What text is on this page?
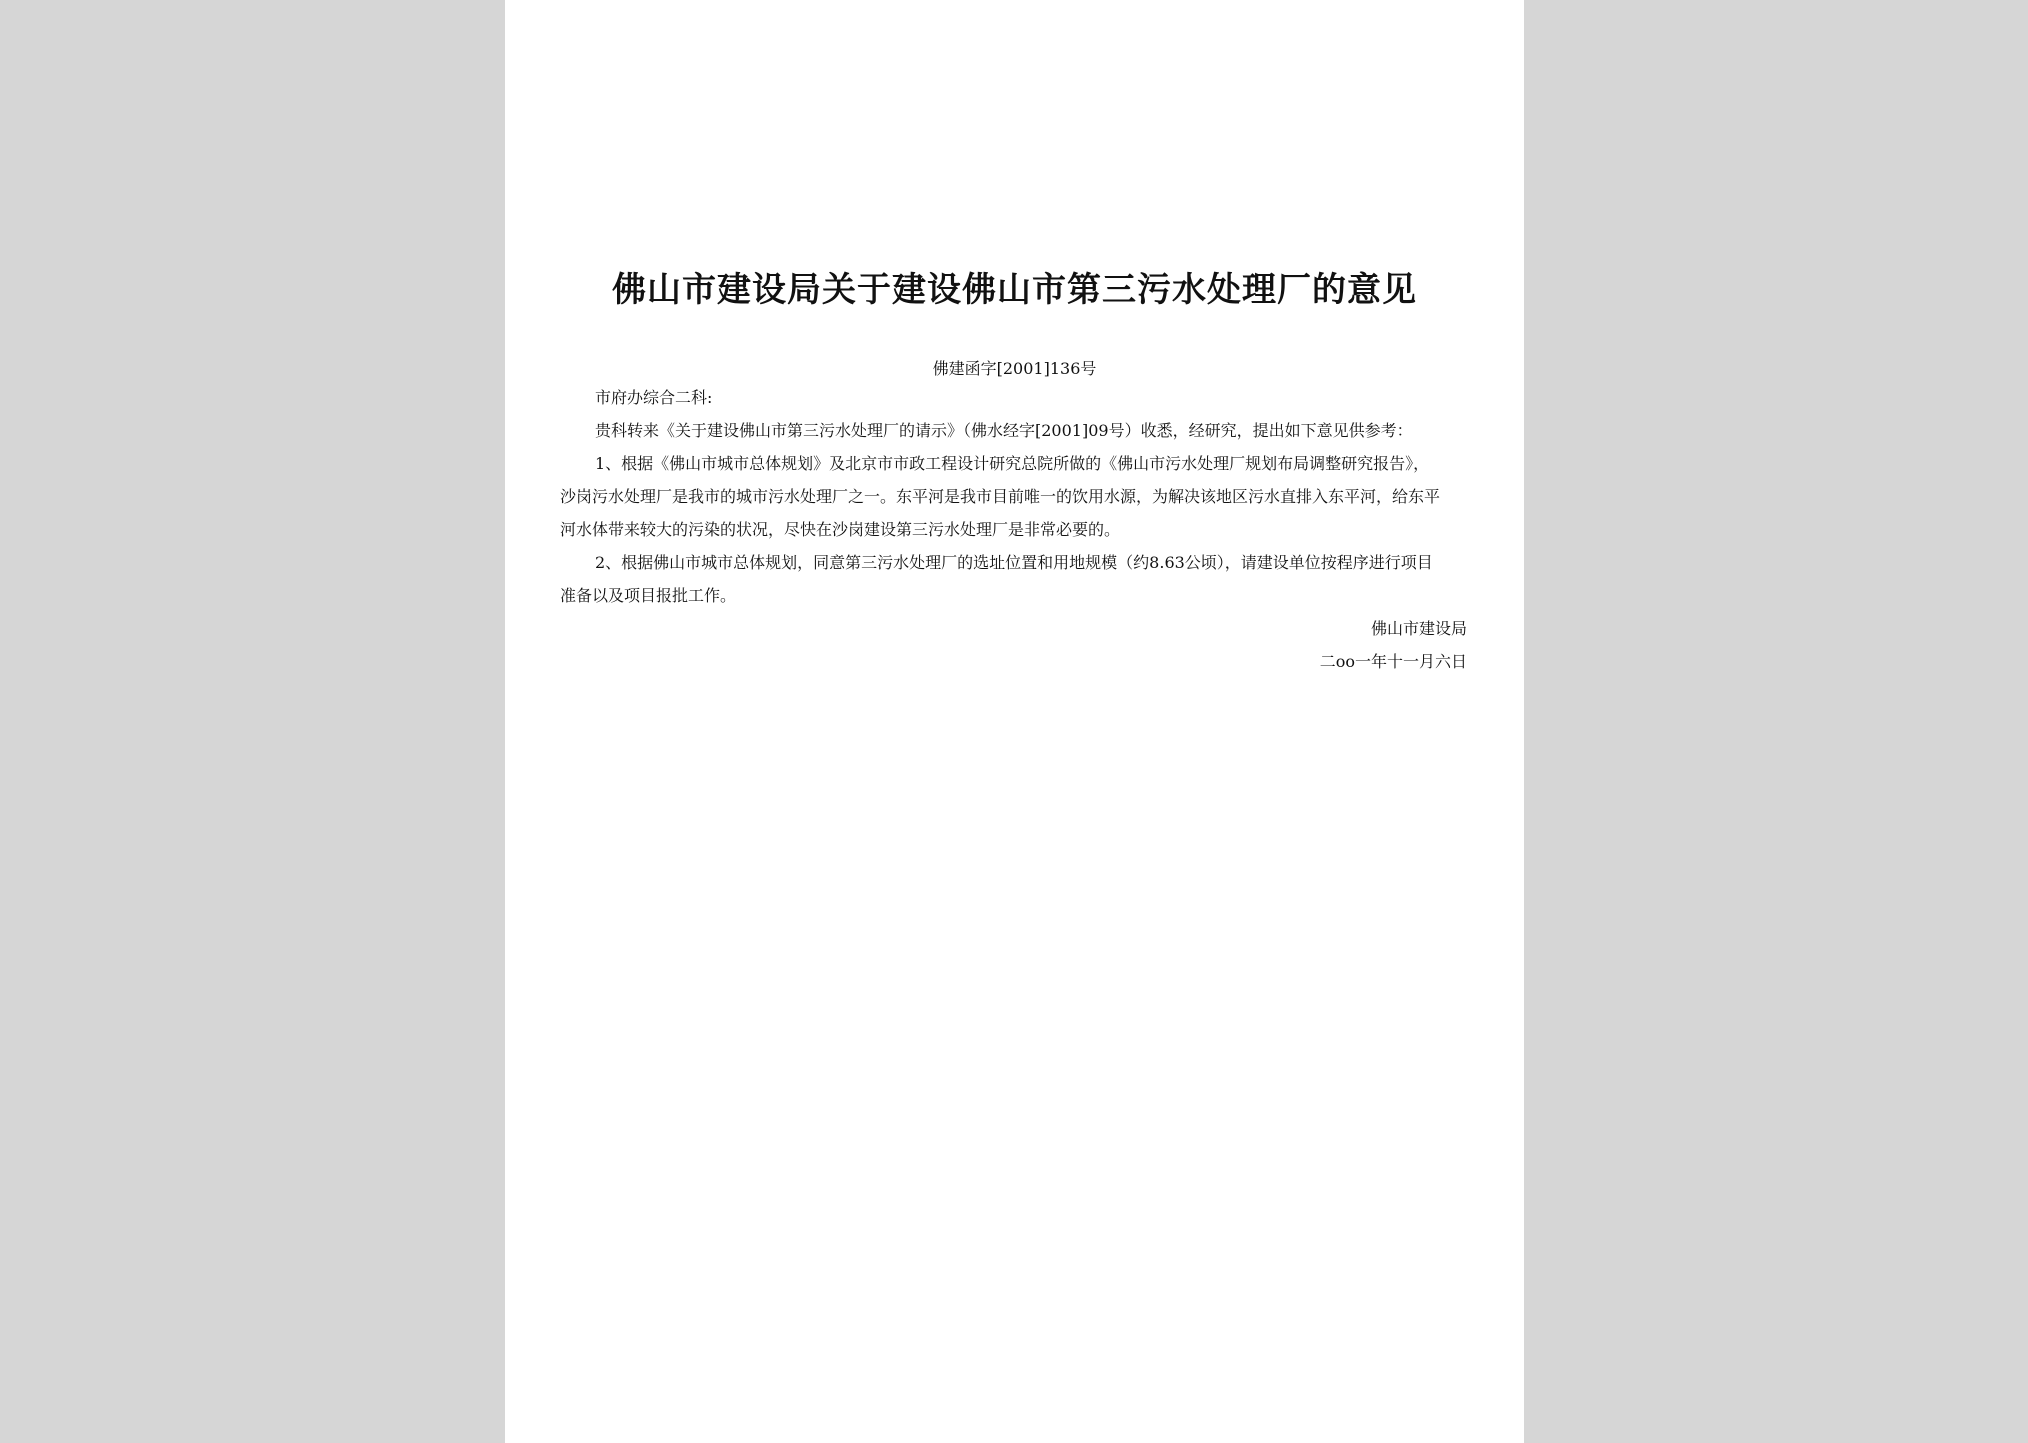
佛山市建设局关于建设佛山市第三污水处理厂的意见
佛建函字[2001]136号
市府办综合二科:
贵科转来《关于建设佛山市第三污水处理厂的请示》（佛水经字[2001]09号）收悉，经研究，提出如下意见供参考：
1、根据《佛山市城市总体规划》及北京市市政工程设计研究总院所做的《佛山市污水处理厂规划布局调整研究报告》，
沙岗污水处理厂是我市的城市污水处理厂之一。东平河是我市目前唯一的饮用水源，为解决该地区污水直排入东平河，给东平
河水体带来较大的污染的状况，尽快在沙岗建设第三污水处理厂是非常必要的。
2、根据佛山市城市总体规划，同意第三污水处理厂的选址位置和用地规模（约8.63公顷），请建设单位按程序进行项目
准备以及项目报批工作。
佛山市建设局
二oo一年十一月六日
